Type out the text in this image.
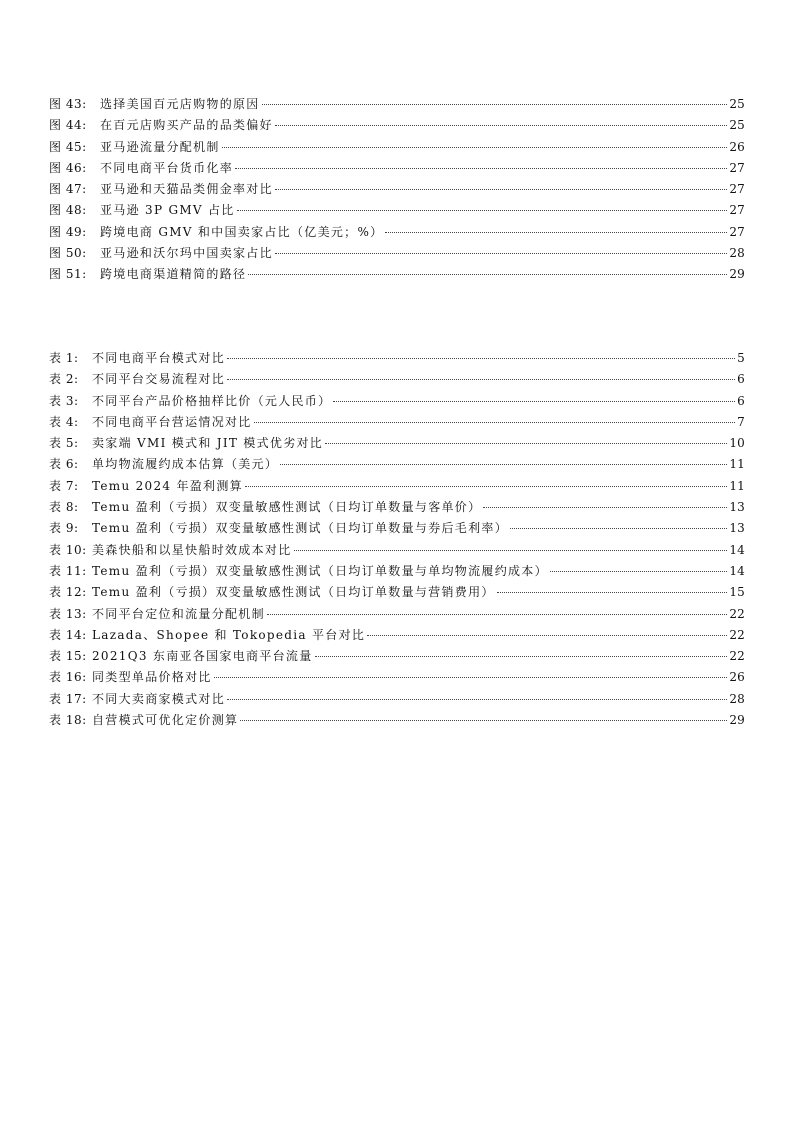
图 43:	选择美国百元店购物的原因	25
图 44:	在百元店购买产品的品类偏好	25
图 45:	亚马逊流量分配机制	26
图 46:	不同电商平台货币化率	27
图 47:	亚马逊和天猫品类佣金率对比	27
图 48:	亚马逊 3P GMV 占比	27
图 49:	跨境电商 GMV 和中国卖家占比（亿美元；%）	27
图 50:	亚马逊和沃尔玛中国卖家占比	28
图 51:	跨境电商渠道精简的路径	29
表 1:	不同电商平台模式对比	5
表 2:	不同平台交易流程对比	6
表 3:	不同平台产品价格抽样比价（元人民币）	6
表 4:	不同电商平台营运情况对比	7
表 5:	卖家端 VMI 模式和 JIT 模式优劣对比	10
表 6:	单均物流履约成本估算（美元）	11
表 7:	Temu 2024 年盈利测算	11
表 8:	Temu 盈利（亏损）双变量敏感性测试（日均订单数量与客单价）	13
表 9:	Temu 盈利（亏损）双变量敏感性测试（日均订单数量与券后毛利率）	13
表 10: 美森快船和以星快船时效成本对比	14
表 11: Temu 盈利（亏损）双变量敏感性测试（日均订单数量与单均物流履约成本）	14
表 12: Temu 盈利（亏损）双变量敏感性测试（日均订单数量与营销费用）	15
表 13: 不同平台定位和流量分配机制	22
表 14: Lazada、Shopee 和 Tokopedia 平台对比	22
表 15: 2021Q3 东南亚各国家电商平台流量	22
表 16: 同类型单品价格对比	26
表 17: 不同大卖商家模式对比	28
表 18: 自营模式可优化定价测算	29
